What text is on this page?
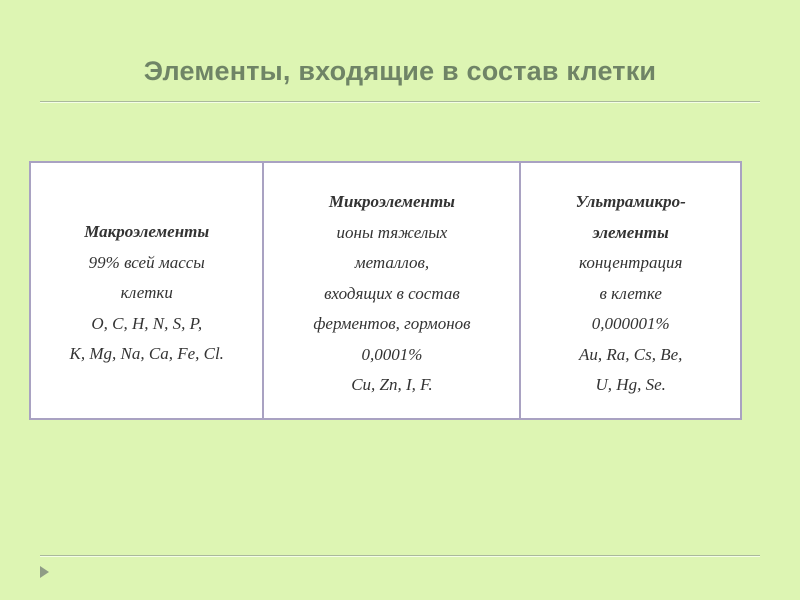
Элементы, входящие в состав клетки
Макроэлементы
99% всей массы
клетки
O, C, H, N, S, P,
K, Mg, Na, Ca, Fe, Cl.

Микроэлементы
ионы тяжелых
металлов,
входящих в состав
ферментов, гормонов
0,0001%
Cu, Zn, I, F.

Ультрамикро-
элементы
концентрация
в клетке
0,000001%
Au, Ra, Cs, Be,
U, Hg, Se.
